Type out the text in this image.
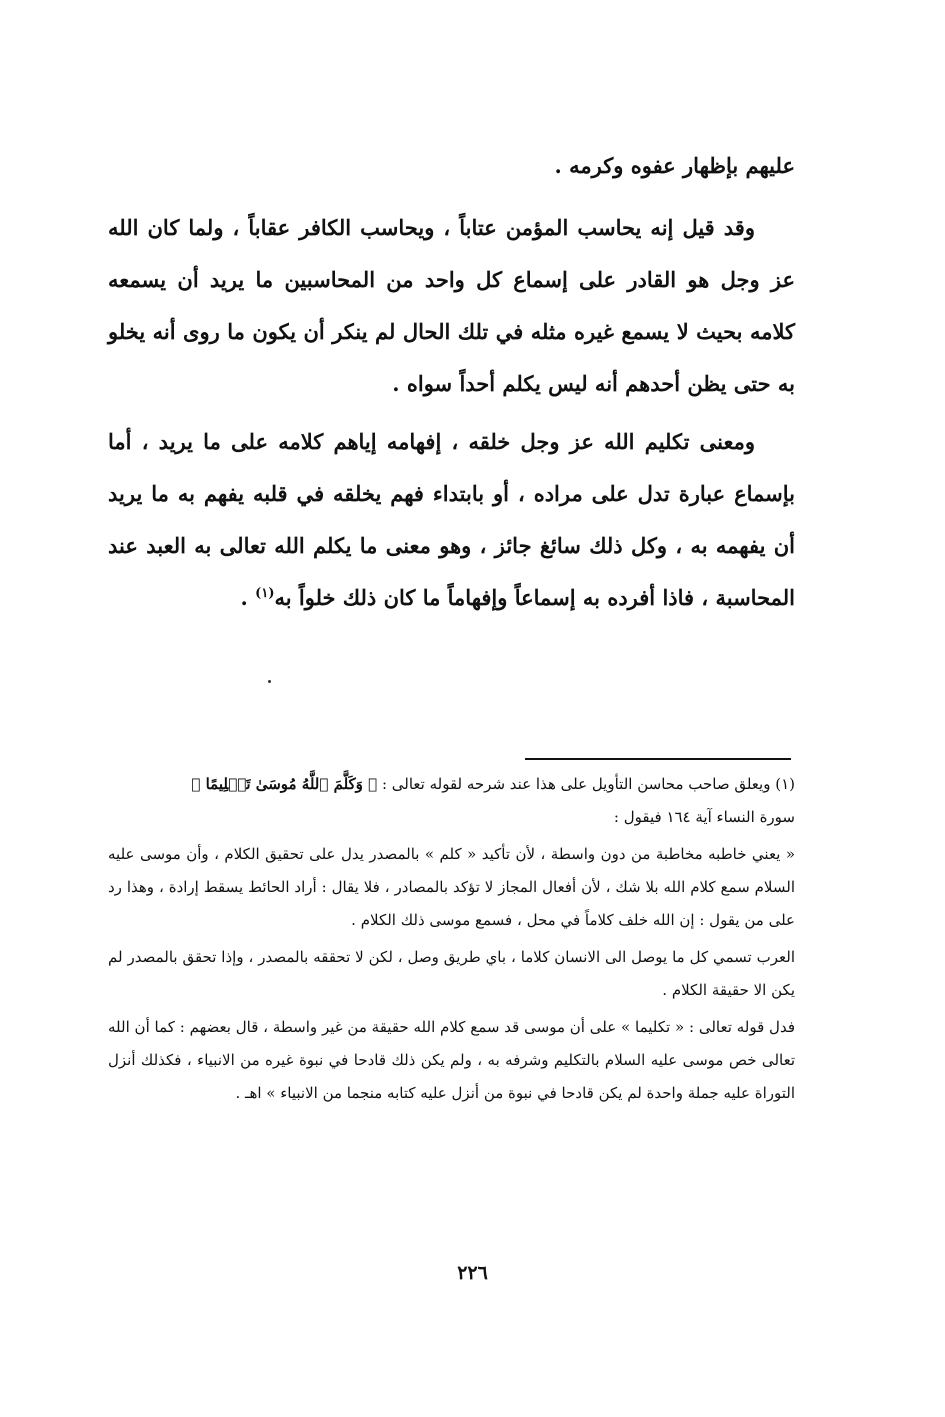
عليهم بإظهار عفوه وكرمه .

وقد قيل إنه يحاسب المؤمن عتاباً ، ويحاسب الكافر عقاباً ، ولما كان الله عز وجل هو القادر على إسماع كل واحد من المحاسبين ما يريد أن يسمعه كلامه بحيث لا يسمع غيره مثله في تلك الحال لم ينكر أن يكون ما روى أنه يخلو به حتى يظن أحدهم أنه ليس يكلم أحداً سواه .

ومعنى تكليم الله عز وجل خلقه ، إفهامه إياهم كلامه على ما يريد ، أما بإسماع عبارة تدل على مراده ، أو بابتداء فهم يخلقه في قلبه يفهم به ما يريد أن يفهمه به ، وكل ذلك سائغ جائز ، وهو معنى ما يكلم الله تعالى به العبد عند المحاسبة ، فاذا أفرده به إسماعاً وإفهاماً ما كان ذلك خلواً به$^{(١)}$ .

(١) ويعلق صاحب محاسن التأويل على هذا عند شرحه لقوله تعالى : ﴿ وَكَلَّمَ ٱللَّهُ مُوسَىٰ تَكۡلِيمًا ﴾

سورة النساء آية ١٦٤ فيقول :

« يعني خاطبه مخاطبة من دون واسطة ، لأن تأكيد « كلم » بالمصدر يدل على تحقيق الكلام ، وأن موسى عليه السلام سمع كلام الله بلا شك ، لأن أفعال المجاز لا تؤكد بالمصادر ، فلا يقال : أراد الحائط يسقط إرادة ، وهذا رد على من يقول : إن الله خلف كلاماً في محل ، فسمع موسى ذلك الكلام .

العرب تسمي كل ما يوصل الى الانسان كلاما ، باي طريق وصل ، لكن لا تحققه بالمصدر ، وإذا تحقق بالمصدر لم يكن الا حقيقة الكلام .

فدل قوله تعالى : « تكليما » على أن موسى قد سمع كلام الله حقيقة من غير واسطة ، قال بعضهم : كما أن الله تعالى خص موسى عليه السلام بالتكليم وشرفه به ، ولم يكن ذلك قادحا في نبوة غيره من الانبياء ، فكذلك أنزل التوراة عليه جملة واحدة لم يكن قادحا في نبوة من أنزل عليه كتابه منجما من الانبياء » اهـ .

٢٢٦
